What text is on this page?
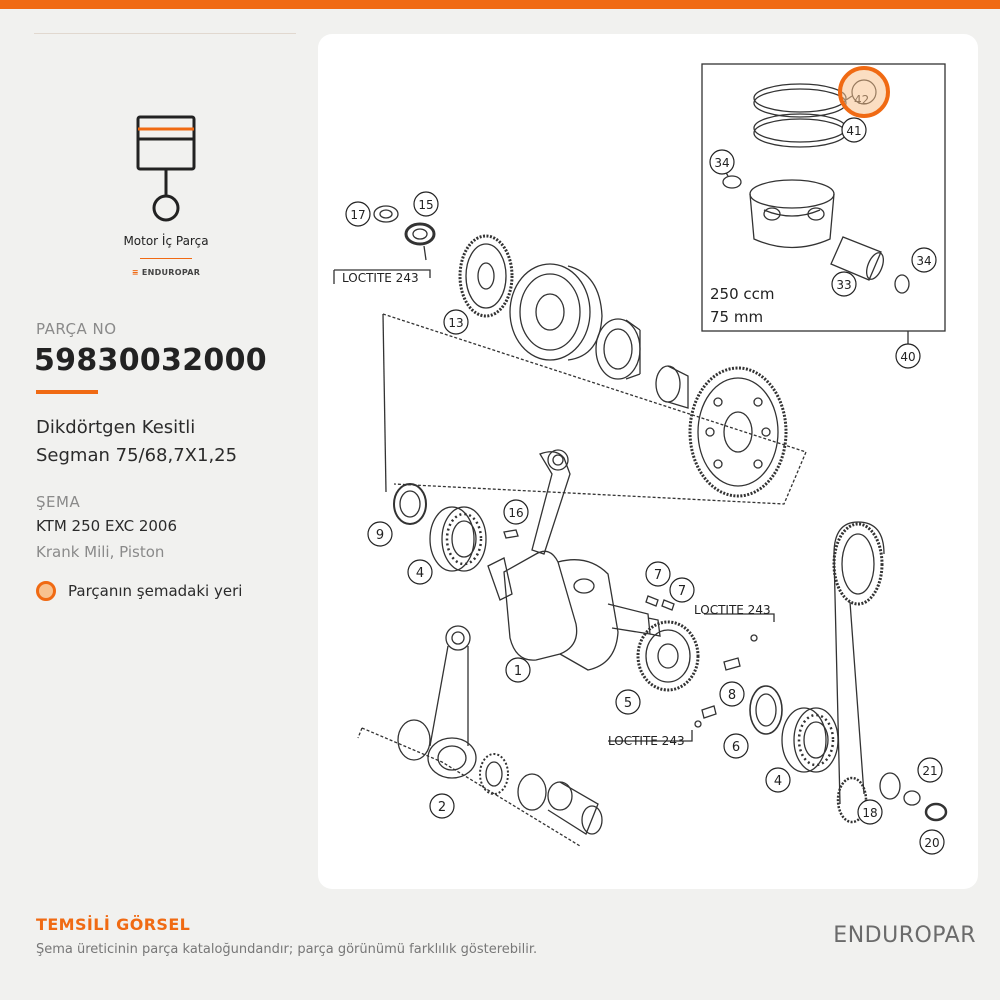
Motor İç Parça
≡ ENDUROPAR
PARÇA NO
59830032000
Dikdörtgen Kesitli
Segman 75/68,7X1,25
ŞEMA
KTM 250 EXC 2006
Krank Mili, Piston
Parçanın şemadaki yeri
1
2
4
4
5
6
7
7
8
9
13
15
16
17
18
20
21
33
34
34
40
41
LOCTITE 243
LOCTITE 243
LOCTITE 243
250 ccm
75 mm
TEMSİLİ GÖRSEL
Şema üreticinin parça kataloğundandır; parça görünümü farklılık gösterebilir.
ENDUROPAR
